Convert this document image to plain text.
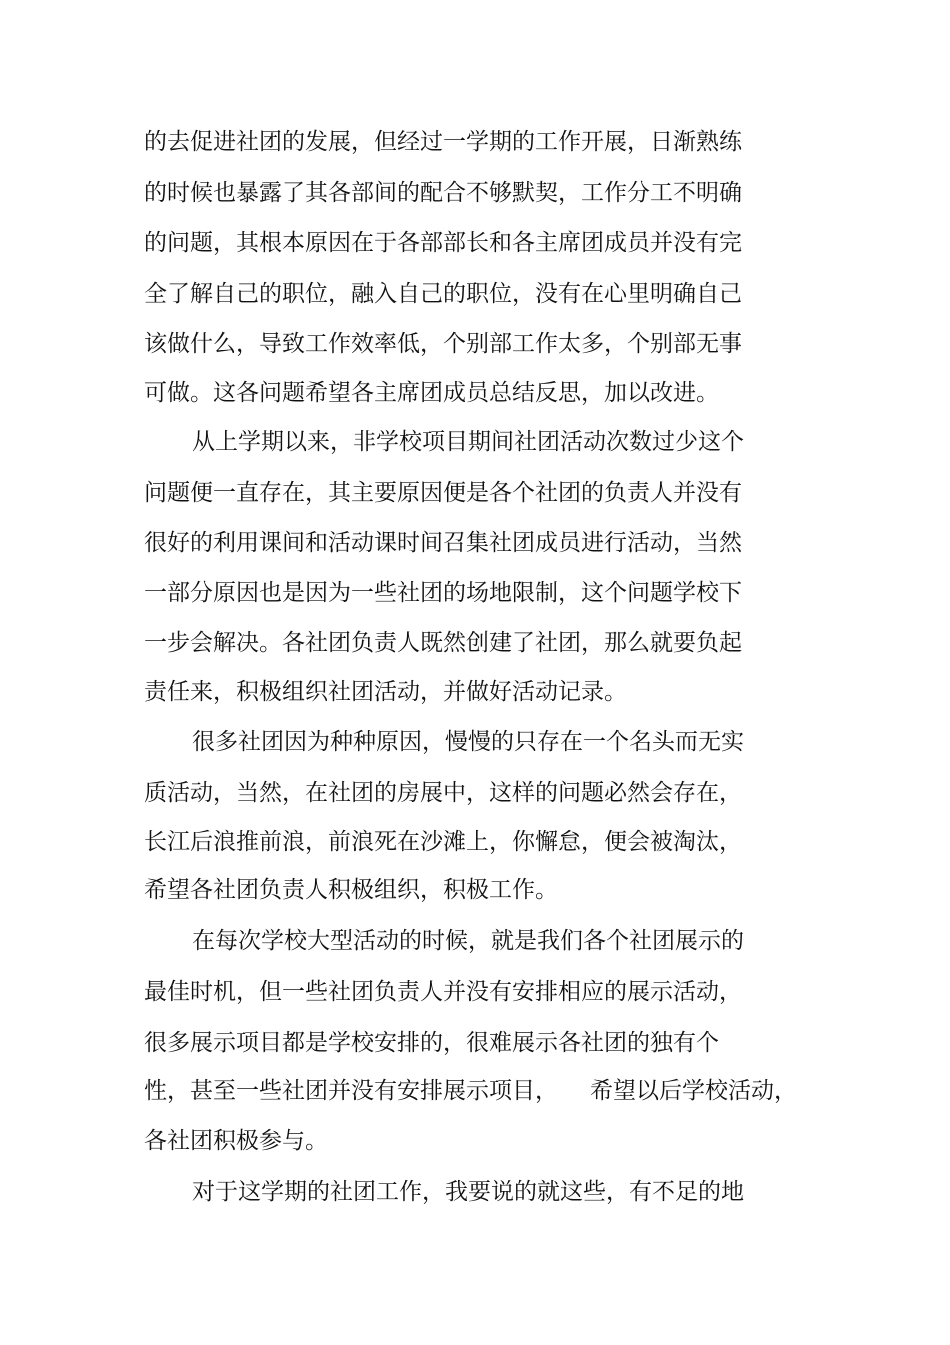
的去促进社团的发展，但经过一学期的工作开展，日渐熟练
的时候也暴露了其各部间的配合不够默契，工作分工不明确
的问题，其根本原因在于各部部长和各主席团成员并没有完
全了解自己的职位，融入自己的职位，没有在心里明确自己
该做什么，导致工作效率低，个别部工作太多，个别部无事
可做。这各问题希望各主席团成员总结反思，加以改进。
从上学期以来，非学校项目期间社团活动次数过少这个
问题便一直存在，其主要原因便是各个社团的负责人并没有
很好的利用课间和活动课时间召集社团成员进行活动，当然
一部分原因也是因为一些社团的场地限制，这个问题学校下
一步会解决。各社团负责人既然创建了社团，那么就要负起
责任来，积极组织社团活动，并做好活动记录。
很多社团因为种种原因，慢慢的只存在一个名头而无实
质活动，当然，在社团的房展中，这样的问题必然会存在，
长江后浪推前浪，前浪死在沙滩上，你懈怠，便会被淘汰，
希望各社团负责人积极组织，积极工作。
在每次学校大型活动的时候，就是我们各个社团展示的
最佳时机，但一些社团负责人并没有安排相应的展示活动，
很多展示项目都是学校安排的，很难展示各社团的独有个
性，甚至一些社团并没有安排展示项目， 希望以后学校活动，
各社团积极参与。
对于这学期的社团工作，我要说的就这些，有不足的地
